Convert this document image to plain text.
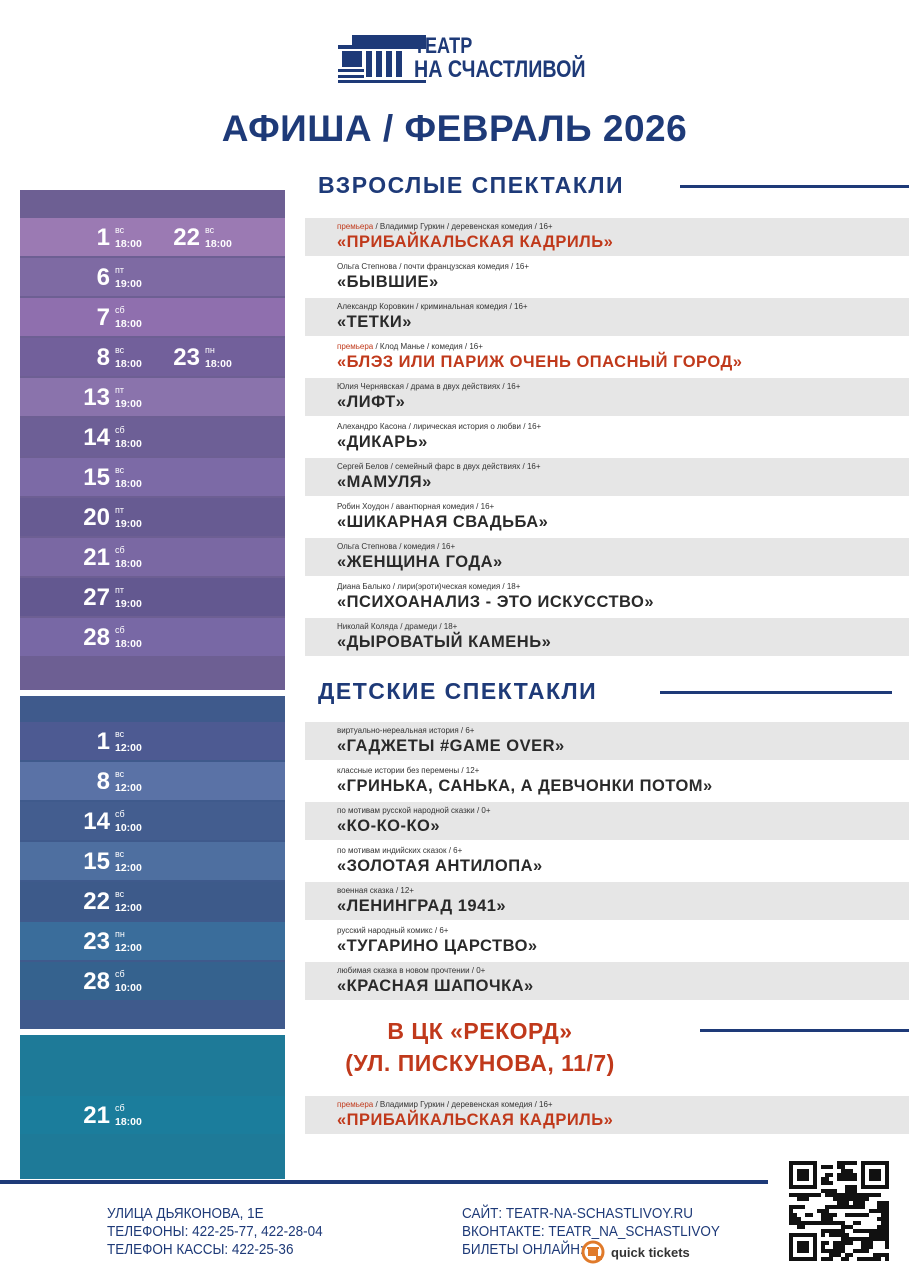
ТЕАТР
НА СЧАСТЛИВОЙ
АФИША / ФЕВРАЛЬ 2026
ВЗРОСЛЫЕ СПЕКТАКЛИ
ДЕТСКИЕ СПЕКТАКЛИ
В ЦК «РЕКОРД»
(УЛ. ПИСКУНОВА, 11/7)
1 вс
18:00	22 вс
18:00
премьера / Владимир Гуркин / деревенская комедия / 16+
«ПРИБАЙКАЛЬСКАЯ КАДРИЛЬ»
6 пт
19:00
Ольга Степнова / почти французская комедия / 16+
«БЫВШИЕ»
7 сб
18:00
Александр Коровкин / криминальная комедия / 16+
«ТЕТКИ»
8 вс
18:00	23 пн
18:00
премьера / Клод Манье / комедия / 16+
«БЛЭЗ ИЛИ ПАРИЖ ОЧЕНЬ ОПАСНЫЙ ГОРОД»
13 пт
19:00
Юлия Чернявская / драма в двух действиях / 16+
«ЛИФТ»
14 сб
18:00
Алехандро Касона / лирическая история о любви / 16+
«ДИКАРЬ»
15 вс
18:00
Сергей Белов / семейный фарс в двух действиях / 16+
«МАМУЛЯ»
20 пт
19:00
Робин Хоудон / авантюрная комедия / 16+
«ШИКАРНАЯ СВАДЬБА»
21 сб
18:00
Ольга Степнова / комедия / 16+
«ЖЕНЩИНА ГОДА»
27 пт
19:00
Диана Балыко / лири(эроти)ческая комедия / 18+
«ПСИХОАНАЛИЗ - ЭТО ИСКУССТВО»
28 сб
18:00
Николай Коляда / драмеди / 18+
«ДЫРОВАТЫЙ КАМЕНЬ»
1 вс
12:00
виртуально-нереальная история / 6+
«ГАДЖЕТЫ #GAME OVER»
8 вс
12:00
классные истории без перемены / 12+
«ГРИНЬКА, САНЬКА, А ДЕВЧОНКИ ПОТОМ»
14 сб
10:00
по мотивам русской народной сказки / 0+
«КО-КО-КО»
15 вс
12:00
по мотивам индийских сказок / 6+
«ЗОЛОТАЯ АНТИЛОПА»
22 вс
12:00
военная сказка / 12+
«ЛЕНИНГРАД 1941»
23 пн
12:00
русский народный комикс / 6+
«ТУГАРИНО ЦАРСТВО»
28 сб
10:00
любимая сказка в новом прочтении / 0+
«КРАСНАЯ ШАПОЧКА»
21 сб
18:00
премьера / Владимир Гуркин / деревенская комедия / 16+
«ПРИБАЙКАЛЬСКАЯ КАДРИЛЬ»
УЛИЦА ДЬЯКОНОВА, 1Е
ТЕЛЕФОНЫ: 422-25-77, 422-28-04
ТЕЛЕФОН КАССЫ: 422-25-36
САЙТ: TEATR-NA-SCHASTLIVOY.RU
ВКОНТАКТЕ: TEATR_NA_SCHASTLIVOY
БИЛЕТЫ ОНЛАЙН: quick tickets
